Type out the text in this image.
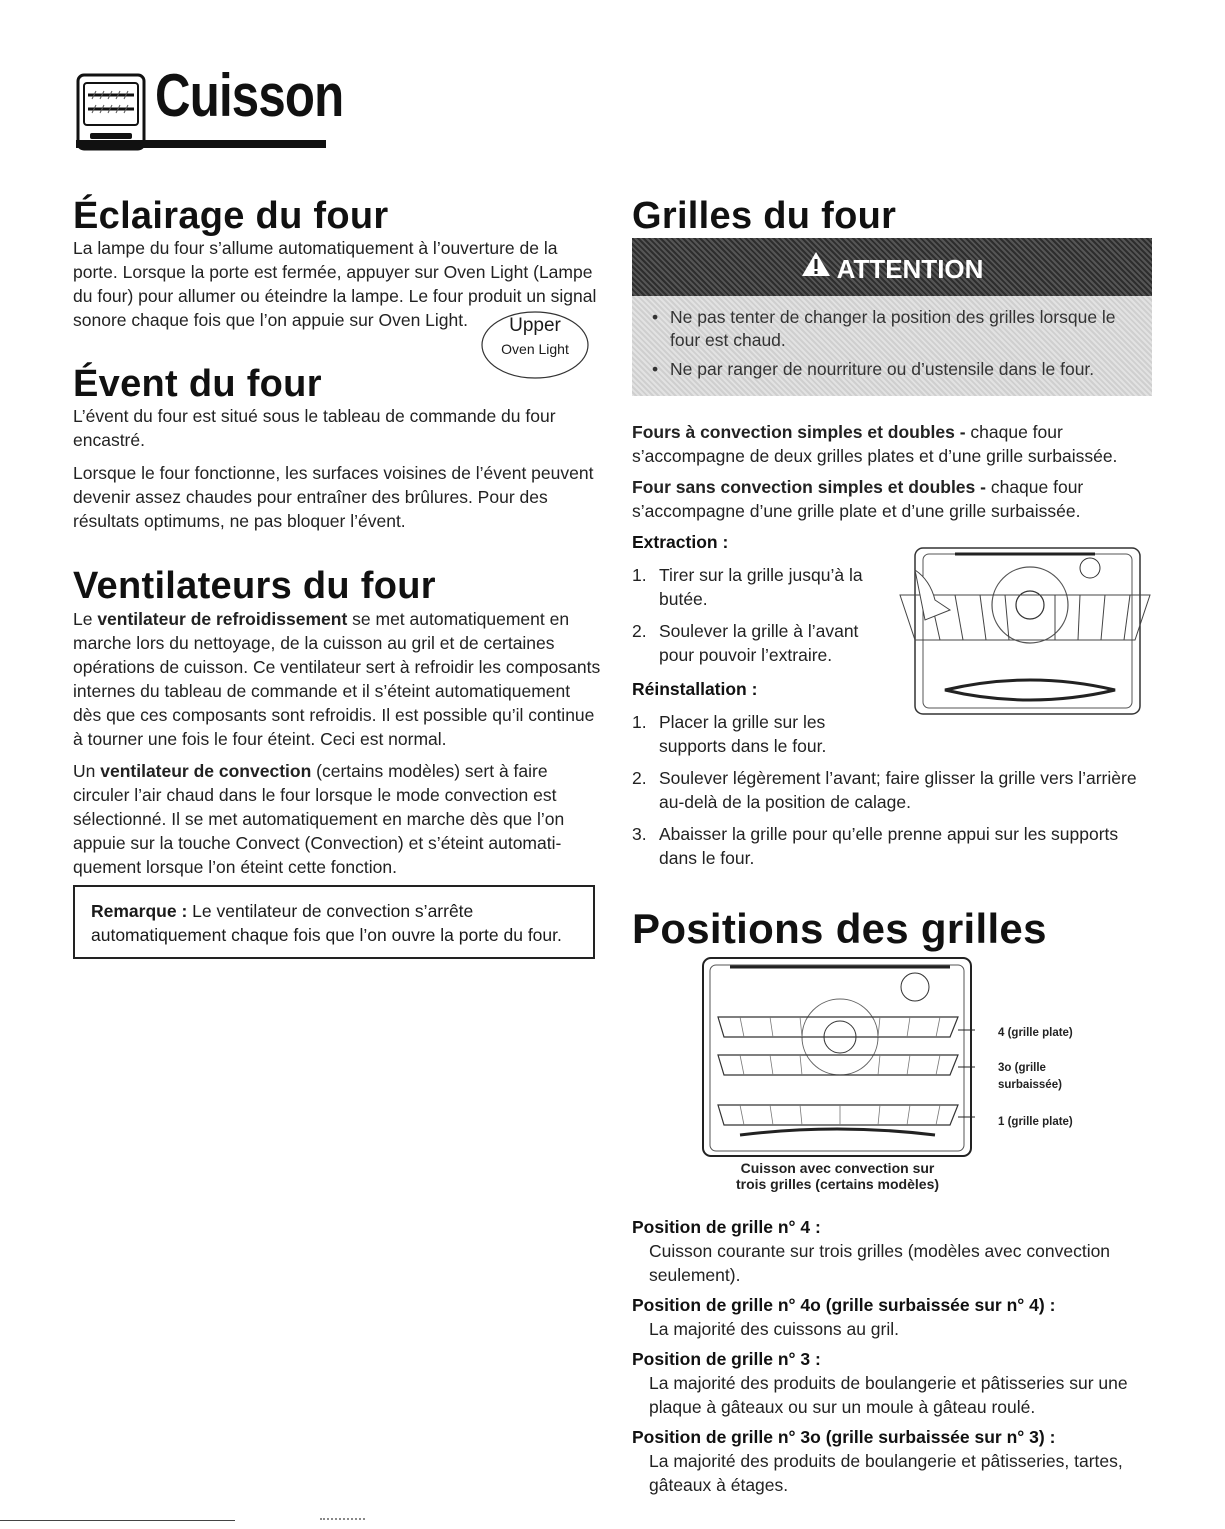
Cuisson
Éclairage du four

La lampe du four s’allume automatiquement à l’ouverture de la porte. Lorsque la porte est fermée, appuyer sur Oven Light (Lampe du four) pour allumer ou éteindre la lampe. Le four produit un signal sonore chaque fois que l’on appuie sur Oven Light.	Upper
Oven Light
Évent du four

L’évent du four est situé sous le tableau de commande du four encastré.

Lorsque le four fonctionne, les surfaces voisines de l’évent peuvent devenir assez chaudes pour entraîner des brûlures. Pour des résultats optimums, ne pas bloquer l’évent.

Ventilateurs du four

Le ventilateur de refroidissement se met automatiquement en marche lors du nettoyage, de la cuisson au gril et de certaines opérations de cuisson. Ce ventilateur sert à refroidir les composants internes du tableau de commande et il s’éteint automatiquement dès que ces composants sont refroidis. Il est possible qu’il continue à tourner une fois le four éteint. Ceci est normal.

Un ventilateur de convection (certains modèles) sert à faire circuler l’air chaud dans le four lorsque le mode convection est sélectionné. Il se met automatiquement en marche dès que l’on appuie sur la touche Convect (Convection) et s’éteint automati-quement lorsque l’on éteint cette fonction.

Remarque : Le ventilateur de convection s’arrête automatiquement chaque fois que l’on ouvre la porte du four.
Grilles du four
ATTENTION
• Ne pas tenter de changer la position des grilles lorsque le four est chaud.
• Ne par ranger de nourriture ou d’ustensile dans le four.

Fours à convection simples et doubles - chaque four s’accompagne de deux grilles plates et d’une grille surbaissée.

Four sans convection simples et doubles - chaque four s’accompagne d’une grille plate et d’une grille surbaissée.

Extraction :
1. Tirer sur la grille jusqu’à la butée.
2. Soulever la grille à l’avant pour pouvoir l’extraire.
Réinstallation :
1. Placer la grille sur les supports dans le four.
2. Soulever légèrement l’avant; faire glisser la grille vers l’arrière au-delà de la position de calage.
3. Abaisser la grille pour qu’elle prenne appui sur les supports dans le four.
Positions des grilles
4 (grille plate)
3o (grille
surbaissée)
1 (grille plate)
Cuisson avec convection sur
trois grilles (certains modèles)
Position de grille n° 4 :
Cuisson courante sur trois grilles (modèles avec convection seulement).
Position de grille n° 4o (grille surbaissée sur n° 4) :
La majorité des cuissons au gril.
Position de grille n° 3 :
La majorité des produits de boulangerie et pâtisseries sur une plaque à gâteaux ou sur un moule à gâteau roulé.
Position de grille n° 3o (grille surbaissée sur n° 3) :
La majorité des produits de boulangerie et pâtisseries, tartes, gâteaux à étages.
